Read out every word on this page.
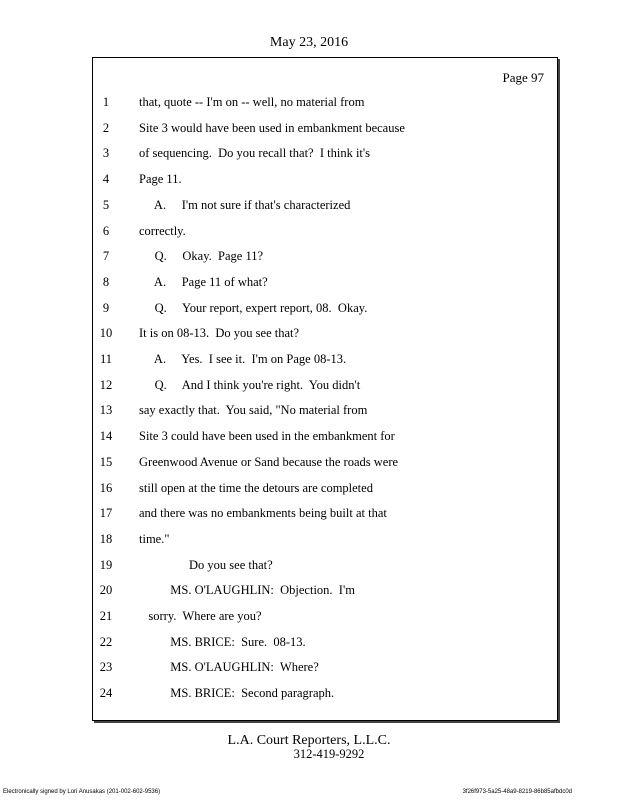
May 23, 2016
Page 97
1	that, quote -- I'm on -- well, no material from
2	Site 3 would have been used in embankment because
3	of sequencing.  Do you recall that?  I think it's
4	Page 11.
5	A.     I'm not sure if that's characterized
6	correctly.
7	Q.     Okay.  Page 11?
8	A.     Page 11 of what?
9	Q.     Your report, expert report, 08.  Okay.
10	It is on 08-13.  Do you see that?
11	A.     Yes.  I see it.  I'm on Page 08-13.
12	Q.     And I think you're right.  You didn't
13	say exactly that.  You said, "No material from
14	Site 3 could have been used in the embankment for
15	Greenwood Avenue or Sand because the roads were
16	still open at the time the detours are completed
17	and there was no embankments being built at that
18	time."
19	Do you see that?
20	MS. O'LAUGHLIN:  Objection.  I'm
21	sorry.  Where are you?
22	MS. BRICE:  Sure.  08-13.
23	MS. O'LAUGHLIN:  Where?
24	MS. BRICE:  Second paragraph.
L.A. Court Reporters, L.L.C.
312-419-9292
Electronically signed by Lori Anusakas (201-002-602-9536)	3f26f973-5a25-48a9-8219-86b85afbdc0d
